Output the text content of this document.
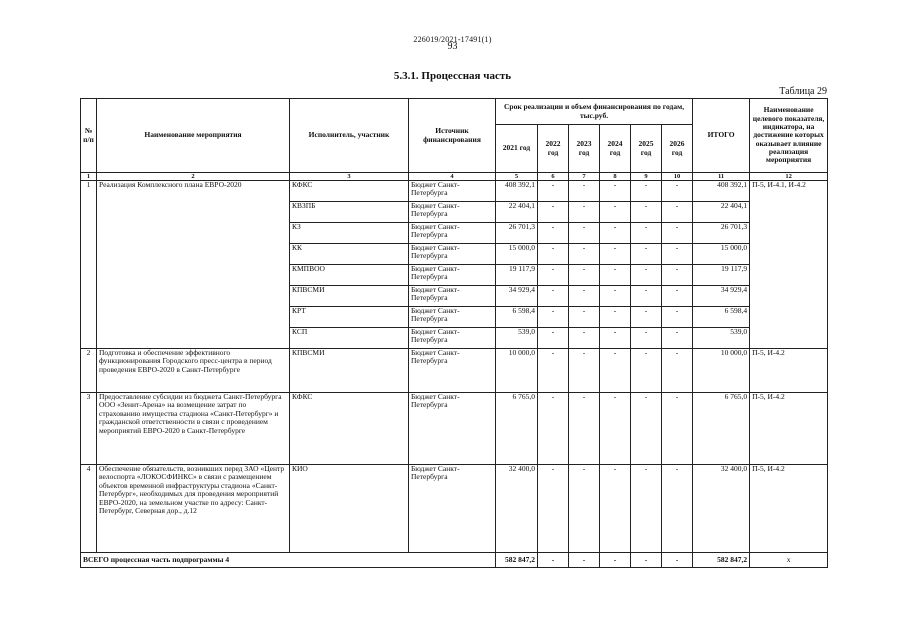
226019/2021-17491(1)
93
5.3.1. Процессная часть
Таблица 29
№ п/п	Наименование мероприятия	Исполнитель, участник	Источник финансирования	Срок реализации и объем финансирования по годам, тыс.руб.						ИТОГО	Наименование целевого показателя, индикатора, на достижение которых оказывает влияние реализация мероприятия
				2021 год	2022 год	2023 год	2024 год	2025 год	2026 год		
1	2	3	4	5	6	7	8	9	10	11	12
1	Реализация Комплексного плана ЕВРО-2020	КФКС	Бюджет Санкт-Петербурга	408 392,1	-	-	-	-	-	408 392,1	П-5, И-4.1, И-4.2
		КВЗПБ	Бюджет Санкт-Петербурга	22 404,1	-	-	-	-	-	22 404,1	
		КЗ	Бюджет Санкт-Петербурга	26 701,3	-	-	-	-	-	26 701,3	
		КК	Бюджет Санкт-Петербурга	15 000,0	-	-	-	-	-	15 000,0	
		КМПВОО	Бюджет Санкт-Петербурга	19 117,9	-	-	-	-	-	19 117,9	
		КПВСМИ	Бюджет Санкт-Петербурга	34 929,4	-	-	-	-	-	34 929,4	
		КРТ	Бюджет Санкт-Петербурга	6 598,4	-	-	-	-	-	6 598,4	
		КСП	Бюджет Санкт-Петербурга	539,0	-	-	-	-	-	539,0	
2	Подготовка и обеспечение эффективного функционирования Городского пресс-центра в период проведения ЕВРО-2020 в Санкт-Петербурге	КПВСМИ	Бюджет Санкт-Петербурга	10 000,0	-	-	-	-	-	10 000,0	П-5, И-4.2
3	Предоставление субсидии из бюджета Санкт-Петербурга ООО «Зенит-Арена» на возмещение затрат по страхованию имущества стадиона «Санкт-Петербург» и гражданской ответственности в связи с проведением мероприятий ЕВРО-2020 в Санкт-Петербурге	КФКС	Бюджет Санкт-Петербурга	6 765,0	-	-	-	-	-	6 765,0	П-5, И-4.2
4	Обеспечение обязательств, возникших перед ЗАО «Центр велоспорта «ЛОКОСФИНКС» в связи с размещением объектов временной инфраструктуры стадиона «Санкт-Петербург», необходимых для проведения мероприятий ЕВРО-2020, на земельном участке по адресу: Санкт-Петербург, Северная дор., д.12	КИО	Бюджет Санкт-Петербурга	32 400,0	-	-	-	-	-	32 400,0	П-5, И-4.2
ВСЕГО процессная часть подпрограммы 4				582 847,2	-	-	-	-	-	582 847,2	х
